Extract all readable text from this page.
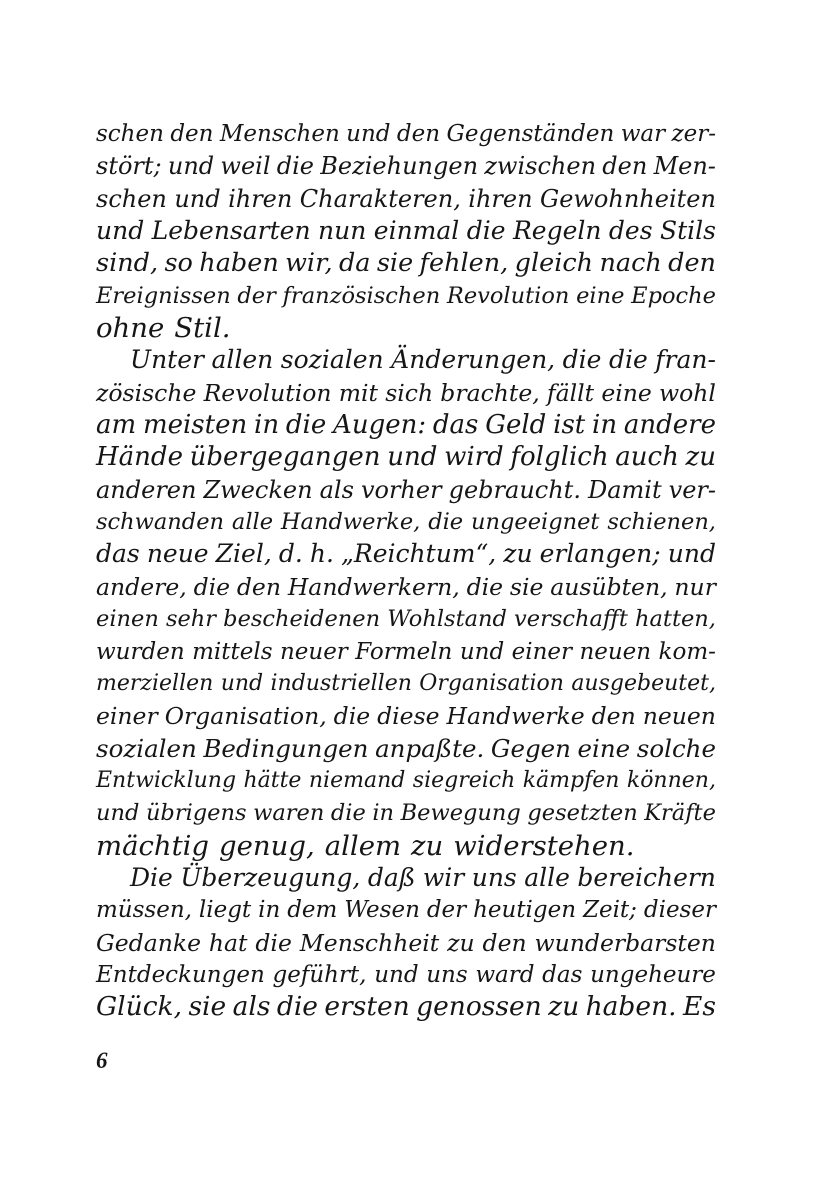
schen den Menschen und den Gegenständen war zer-
stört; und weil die Beziehungen zwischen den Men-
schen und ihren Charakteren, ihren Gewohnheiten
und Lebensarten nun einmal die Regeln des Stils
sind, so haben wir, da sie fehlen, gleich nach den
Ereignissen der französischen Revolution eine Epoche
ohne Stil.
Unter allen sozialen Änderungen, die die fran-
zösische Revolution mit sich brachte, fällt eine wohl
am meisten in die Augen: das Geld ist in andere
Hände übergegangen und wird folglich auch zu
anderen Zwecken als vorher gebraucht. Damit ver-
schwanden alle Handwerke, die ungeeignet schienen,
das neue Ziel, d. h. „Reichtum“, zu erlangen; und
andere, die den Handwerkern, die sie ausübten, nur
einen sehr bescheidenen Wohlstand verschafft hatten,
wurden mittels neuer Formeln und einer neuen kom-
merziellen und industriellen Organisation ausgebeutet,
einer Organisation, die diese Handwerke den neuen
sozialen Bedingungen anpaßte. Gegen eine solche
Entwicklung hätte niemand siegreich kämpfen können,
und übrigens waren die in Bewegung gesetzten Kräfte
mächtig genug, allem zu widerstehen.
Die Überzeugung, daß wir uns alle bereichern
müssen, liegt in dem Wesen der heutigen Zeit; dieser
Gedanke hat die Menschheit zu den wunderbarsten
Entdeckungen geführt, und uns ward das ungeheure
Glück, sie als die ersten genossen zu haben. Es
6
